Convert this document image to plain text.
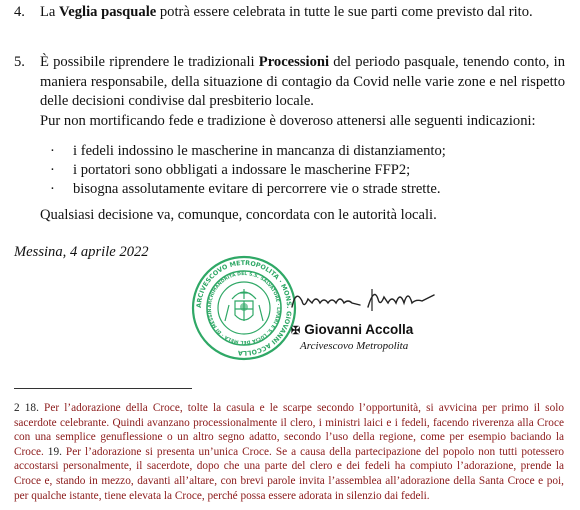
4. La Veglia pasquale potrà essere celebrata in tutte le sue parti come previsto dal rito.

5. È possibile riprendere le tradizionali Processioni del periodo pasquale, tenendo conto, in maniera responsabile, della situazione di contagio da Covid nelle varie zone e nel rispetto delle decisioni condivise dal presbiterio locale.

Pur non mortificando fede e tradizione è doveroso attenersi alle seguenti indicazioni:

· i fedeli indossino le mascherine in mancanza di distanziamento;
· i portatori sono obbligati a indossare le mascherine FFP2;
· bisogna assolutamente evitare di percorrere vie o strade strette.
Qualsiasi decisione va, comunque, concordata con le autorità locali.
Messina, 4 aprile 2022
ARCIVESCOVO METROPOLITA · MONS. GIOVANNI ACCOLLA
ARCHIMANDRITA DEL S.S. SALVATORE · LIPARI E S. LUCIA DEL MELA · DI MESSIN
✠ Giovanni Accolla
Arcivescovo Metropolita
2 18. Per l’adorazione della Croce, tolte la casula e le scarpe secondo l’opportunità, si avvicina per primo il solo sacerdote celebrante. Quindi avanzano processionalmente il clero, i ministri laici e i fedeli, facendo riverenza alla Croce con una semplice genuflessione o un altro segno adatto, secondo l’uso della regione, come per esempio baciando la Croce. 19. Per l’adorazione si presenta un’unica Croce. Se a causa della partecipazione del popolo non tutti potessero accostarsi personalmente, il sacerdote, dopo che una parte del clero e dei fedeli ha compiuto l’adorazione, prende la Croce e, stando in mezzo, davanti all’altare, con brevi parole invita l’assemblea all’adorazione della Santa Croce e poi, per qualche istante, tiene elevata la Croce, perché possa essere adorata in silenzio dai fedeli.
